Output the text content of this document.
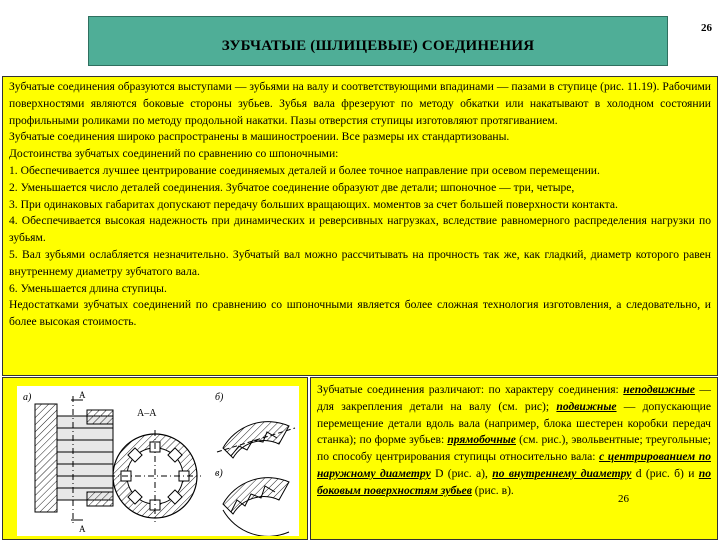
ЗУБЧАТЫЕ (ШЛИЦЕВЫЕ) СОЕДИНЕНИЯ
26

Зубчатые соединения образуются выступами — зубьями на валу и соответствующими впадинами — пазами в ступице (рис. 11.19). Рабочими поверхностями являются боковые стороны зубьев. Зубья вала фрезеруют по методу обкатки или накатывают в холодном состоянии профильными роликами по методу продольной накатки. Пазы отверстия ступицы изготовляют протягиванием.

Зубчатые соединения широко распространены в машиностроении. Все размеры их стандартизованы.

Достоинства зубчатых соединений по сравнению со шпоночными:

1. Обеспечивается лучшее центрирование соединяемых деталей и более точное направление при осевом перемещении.

2. Уменьшается число деталей соединения. Зубчатое соединение образуют две детали; шпоночное — три, четыре,

3. При одинаковых габаритах допускают передачу больших вращающих. моментов за счет большей поверхности контакта.

4. Обеспечивается высокая надежность при динамических и реверсивных нагрузках, вследствие равномерного распределения нагрузки по зубьям.

5. Вал зубьями ослабляется незначительно. Зубчатый вал можно рассчитывать на прочность так же, как гладкий, диаметр которого равен внутреннему диаметру зубчатого вала.

6. Уменьшается длина ступицы.

Недостатками зубчатых соединений по сравнению со шпоночными является более сложная технология изготовления, а следовательно, и более высокая стоимость.

а)	А
А
А–А
б)
в)
Зубчатые соединения различают: по характеру соединения: неподвижные — для закрепления детали на валу (см. рис); подвижные — допускающие перемещение детали вдоль вала (например, блока шестерен коробки передач станка); по форме зубьев: прямобочные (см. рис.), эвольвентные; треугольные; по способу центрирования ступицы относительно вала: с центрированием по наружному диаметру D (рис. а), по внутреннему диаметру d (рис. б) и по боковым поверхностям зубьев (рис. в).
26
